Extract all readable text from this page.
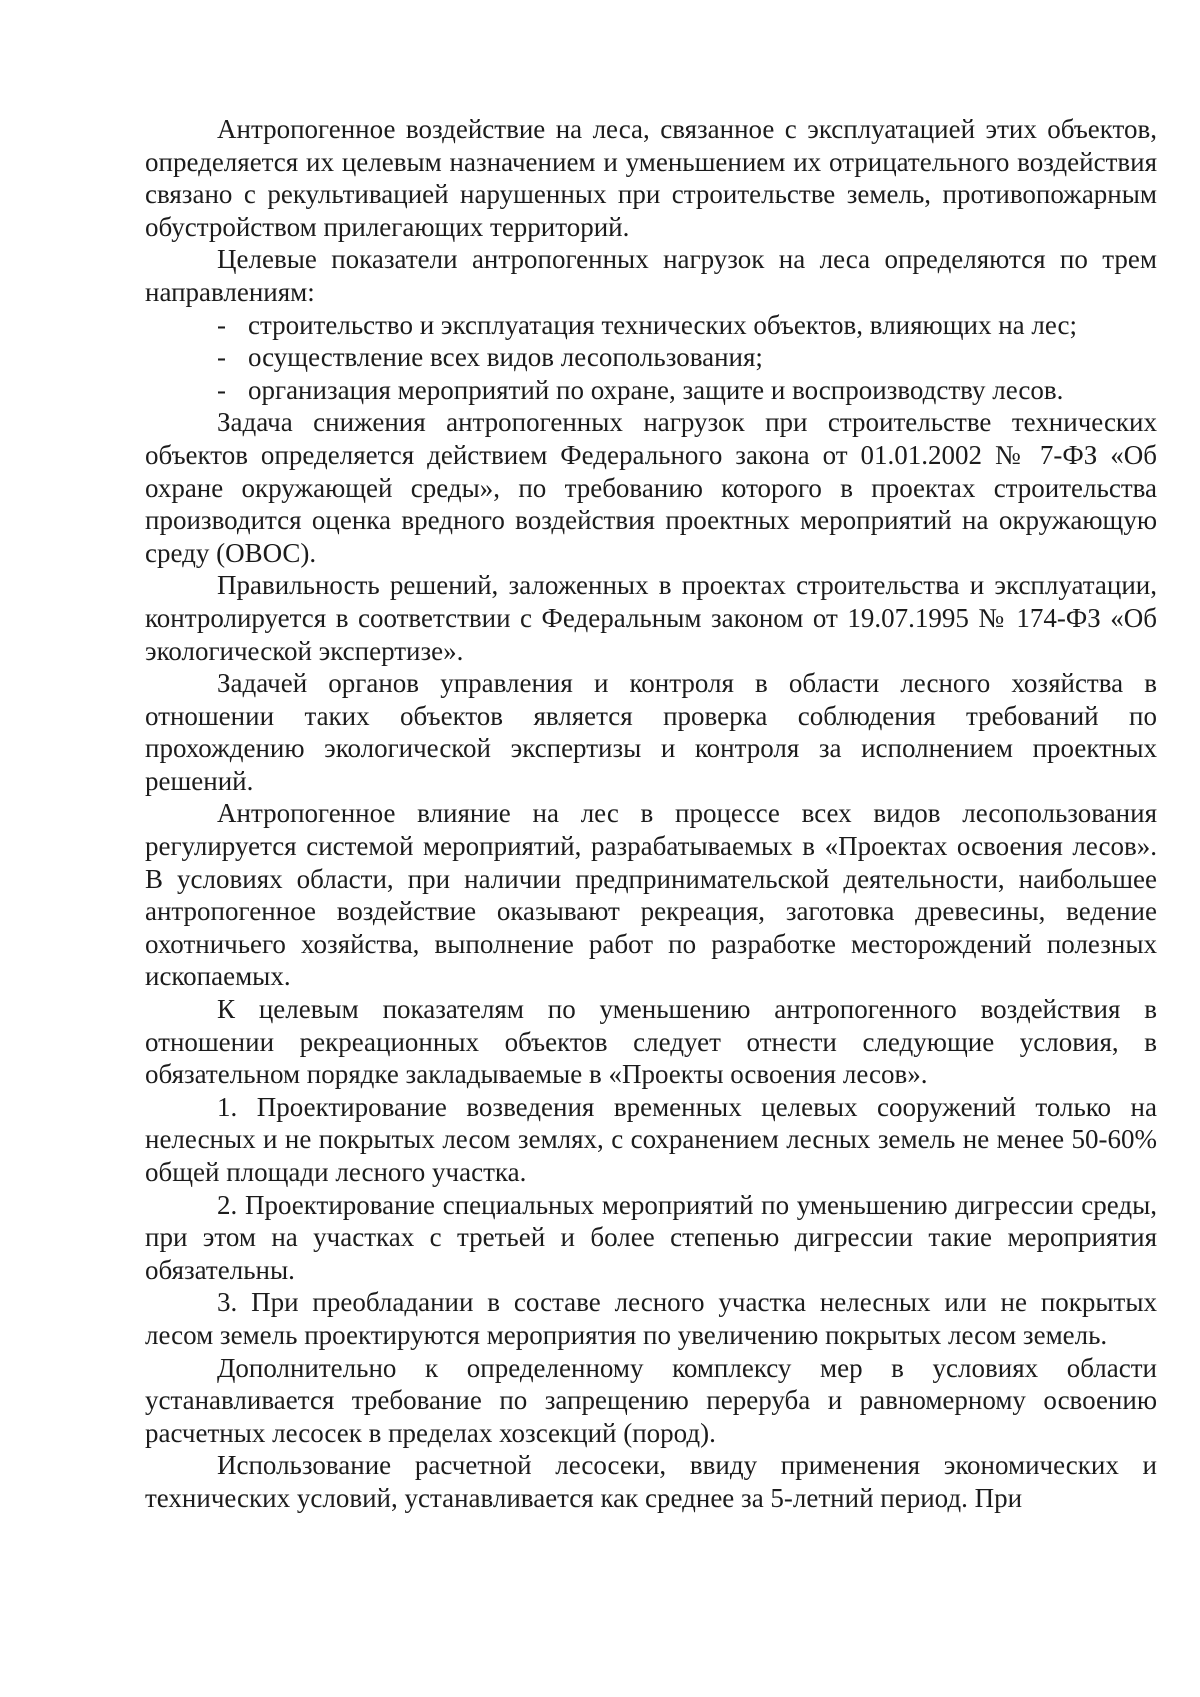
Антропогенное воздействие на леса, связанное с эксплуатацией этих объектов, определяется их целевым назначением и уменьшением их отрицательного воздействия связано с рекультивацией нарушенных при строительстве земель, противопожарным обустройством прилегающих территорий.

Целевые показатели антропогенных нагрузок на леса определяются по трем направлениям:

- строительство и эксплуатация технических объектов, влияющих на лес;
- осуществление всех видов лесопользования;
- организация мероприятий по охране, защите и воспроизводству лесов.

Задача снижения антропогенных нагрузок при строительстве технических объектов определяется действием Федерального закона от 01.01.2002 № 7-ФЗ «Об охране окружающей среды», по требованию которого в проектах строительства производится оценка вредного воздействия проектных мероприятий на окружающую среду (ОВОС).

Правильность решений, заложенных в проектах строительства и эксплуатации, контролируется в соответствии с Федеральным законом от 19.07.1995 № 174-ФЗ «Об экологической экспертизе».

Задачей органов управления и контроля в области лесного хозяйства в отношении таких объектов является проверка соблюдения требований по прохождению экологической экспертизы и контроля за исполнением проектных решений.

Антропогенное влияние на лес в процессе всех видов лесопользования регулируется системой мероприятий, разрабатываемых в «Проектах освоения лесов». В условиях области, при наличии предпринимательской деятельности, наибольшее антропогенное воздействие оказывают рекреация, заготовка древесины, ведение охотничьего хозяйства, выполнение работ по разработке месторождений полезных ископаемых.

К целевым показателям по уменьшению антропогенного воздействия в отношении рекреационных объектов следует отнести следующие условия, в обязательном порядке закладываемые в «Проекты освоения лесов».

1. Проектирование возведения временных целевых сооружений только на нелесных и не покрытых лесом землях, с сохранением лесных земель не менее 50-60% общей площади лесного участка.

2. Проектирование специальных мероприятий по уменьшению дигрессии среды, при этом на участках с третьей и более степенью дигрессии такие мероприятия обязательны.

3. При преобладании в составе лесного участка нелесных или не покрытых лесом земель проектируются мероприятия по увеличению покрытых лесом земель.

Дополнительно к определенному комплексу мер в условиях области устанавливается требование по запрещению переруба и равномерному освоению расчетных лесосек в пределах хозсекций (пород).

Использование расчетной лесосеки, ввиду применения экономических и технических условий, устанавливается как среднее за 5-летний период. При
